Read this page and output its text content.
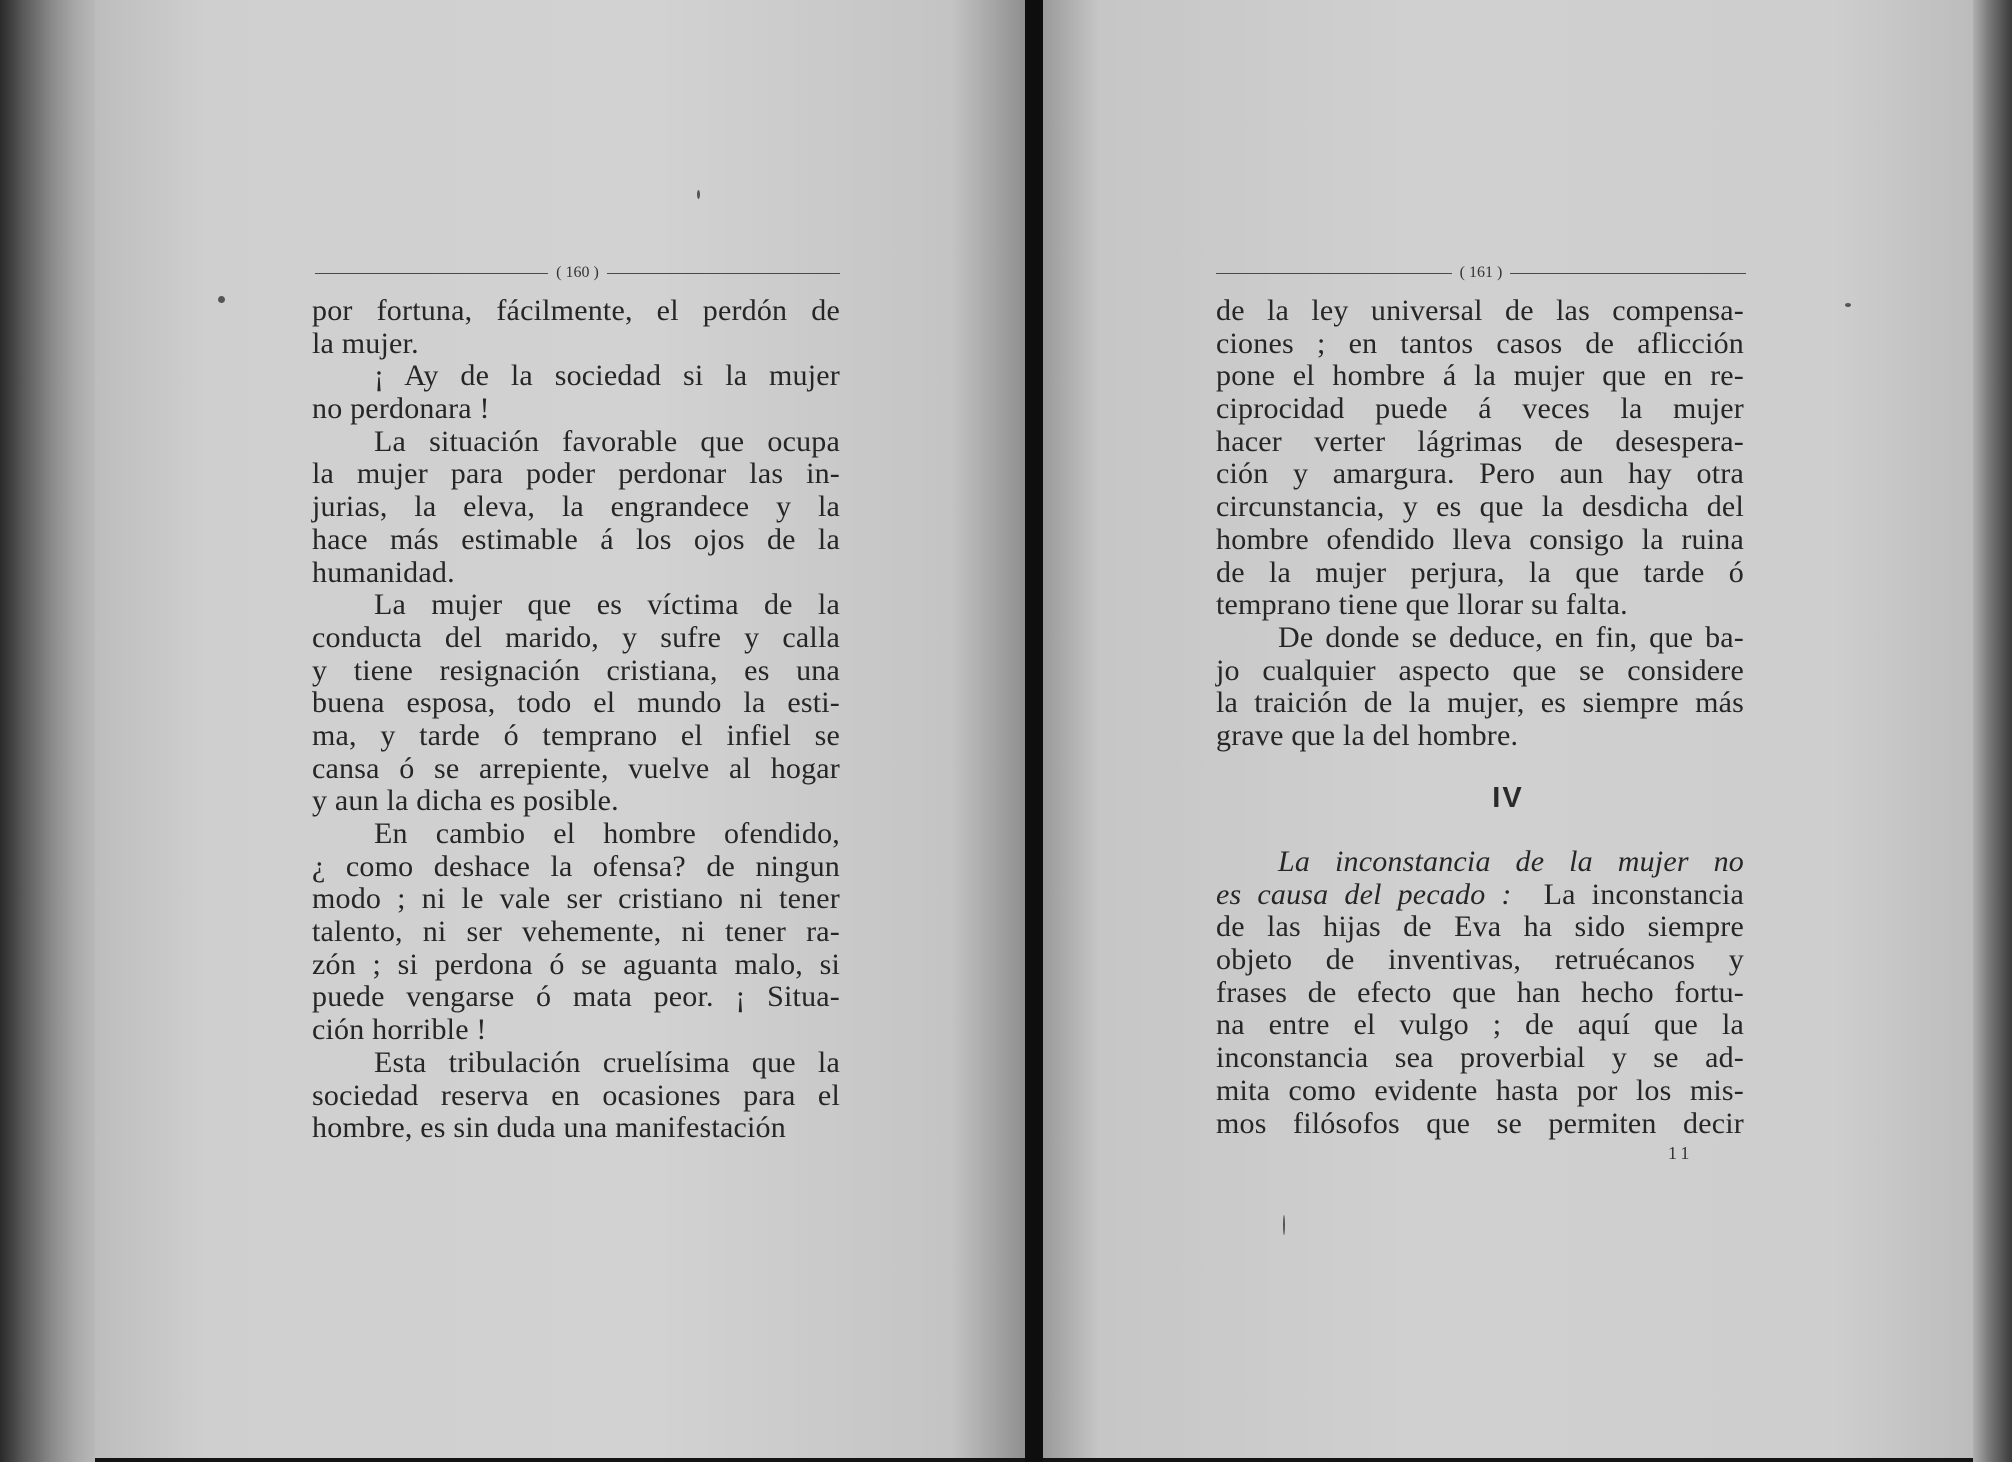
( 160 )
por fortuna, fácilmente, el perdón de
la mujer.
¡ Ay de la sociedad si la mujer
no perdonara !
La situación favorable que ocupa
la mujer para poder perdonar las in-
jurias, la eleva, la engrandece y la
hace más estimable á los ojos de la
humanidad.
La mujer que es víctima de la
conducta del marido, y sufre y calla
y tiene resignación cristiana, es una
buena esposa, todo el mundo la esti-
ma, y tarde ó temprano el infiel se
cansa ó se arrepiente, vuelve al hogar
y aun la dicha es posible.
En cambio el hombre ofendido,
¿ como deshace la ofensa? de ningun
modo ; ni le vale ser cristiano ni tener
talento, ni ser vehemente, ni tener ra-
zón ; si perdona ó se aguanta malo, si
puede vengarse ó mata peor. ¡ Situa-
ción horrible !
Esta tribulación cruelísima que la
sociedad reserva en ocasiones para el
hombre, es sin duda una manifestación
( 161 )
de la ley universal de las compensa-
ciones ; en tantos casos de aflicción
pone el hombre á la mujer que en re-
ciprocidad puede á veces la mujer
hacer verter lágrimas de desespera-
ción y amargura. Pero aun hay otra
circunstancia, y es que la desdicha del
hombre ofendido lleva consigo la ruina
de la mujer perjura, la que tarde ó
temprano tiene que llorar su falta.
De donde se deduce, en fin, que ba-
jo cualquier aspecto que se considere
la traición de la mujer, es siempre más
grave que la del hombre.
IV
La inconstancia de la mujer no
es causa del pecado : La inconstancia
de las hijas de Eva ha sido siempre
objeto de inventivas, retruécanos y
frases de efecto que han hecho fortu-
na entre el vulgo ; de aquí que la
inconstancia sea proverbial y se ad-
mita como evidente hasta por los mis-
mos filósofos que se permiten decir
11
